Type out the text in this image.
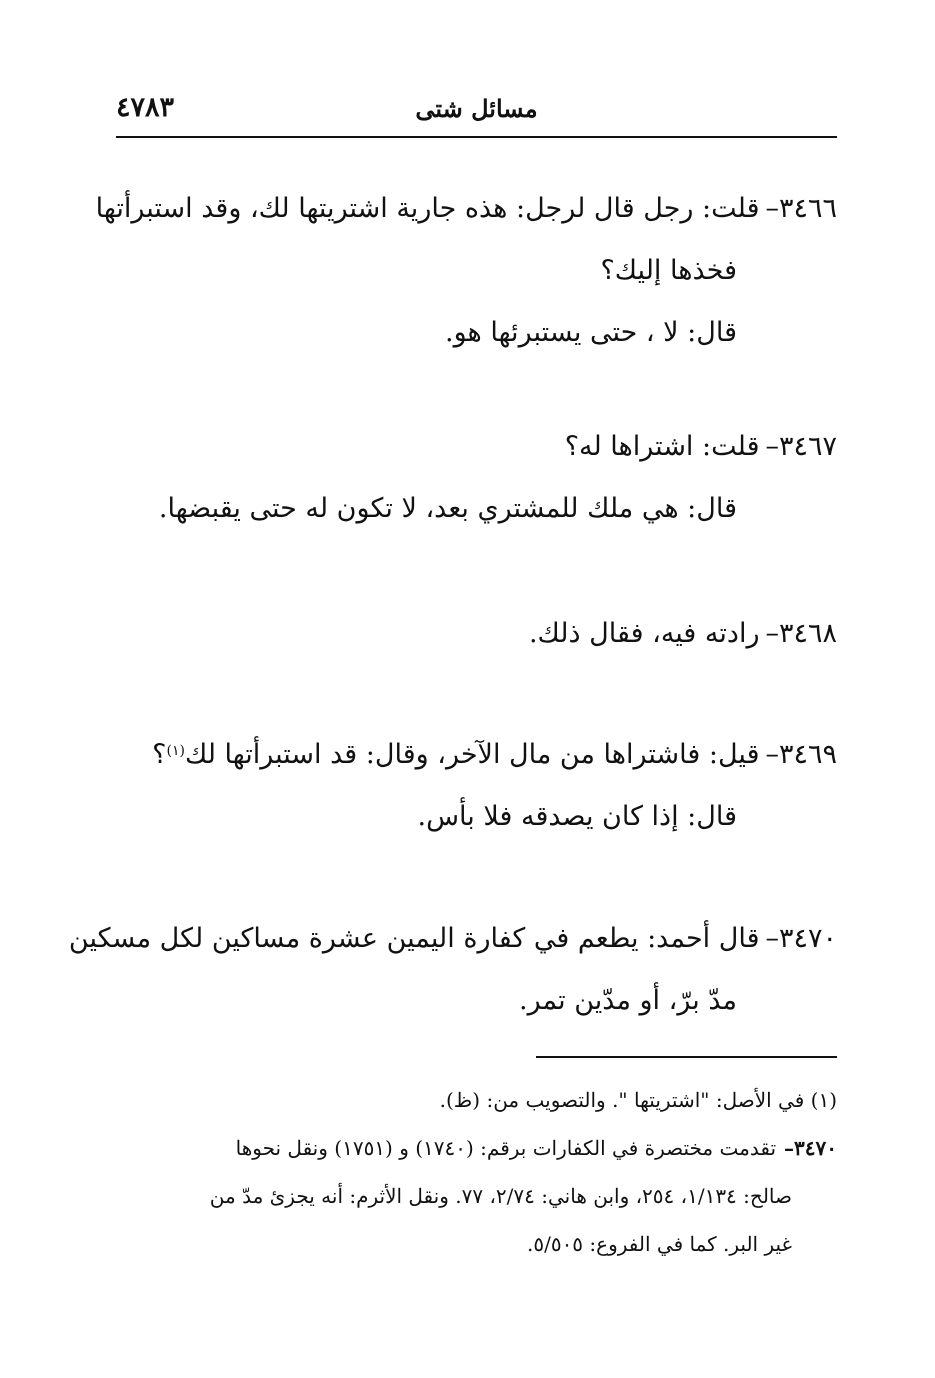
مسائل شتى
٤٧٨٣
٣٤٦٦–قلت: رجل قال لرجل: هذه جارية اشتريتها لك، وقد استبرأتها
فخذها إليك؟
قال: لا ، حتى يستبرئها هو.
٣٤٦٧–قلت: اشتراها له؟
قال: هي ملك للمشتري بعد، لا تكون له حتى يقبضها.
٣٤٦٨–رادته فيه، فقال ذلك.
٣٤٦٩–قيل: فاشتراها من مال الآخر، وقال: قد استبرأتها لك$^{(١)}$؟
قال: إذا كان يصدقه فلا بأس.
٣٤٧٠–قال أحمد: يطعم في كفارة اليمين عشرة مساكين لكل مسكين
مدّ برّ، أو مدّين تمر.
(١) في الأصل: "اشتريتها ". والتصويب من: (ظ).
٣٤٧٠–تقدمت مختصرة في الكفارات برقم: (١٧٤٠) و (١٧٥١) ونقل نحوها
صالح: ١/١٣٤، ٢٥٤، وابن هاني: ٢/٧٤، ٧٧. ونقل الأثرم: أنه يجزئ مدّ من
غير البر. كما في الفروع: ٥/٥٠٥.
